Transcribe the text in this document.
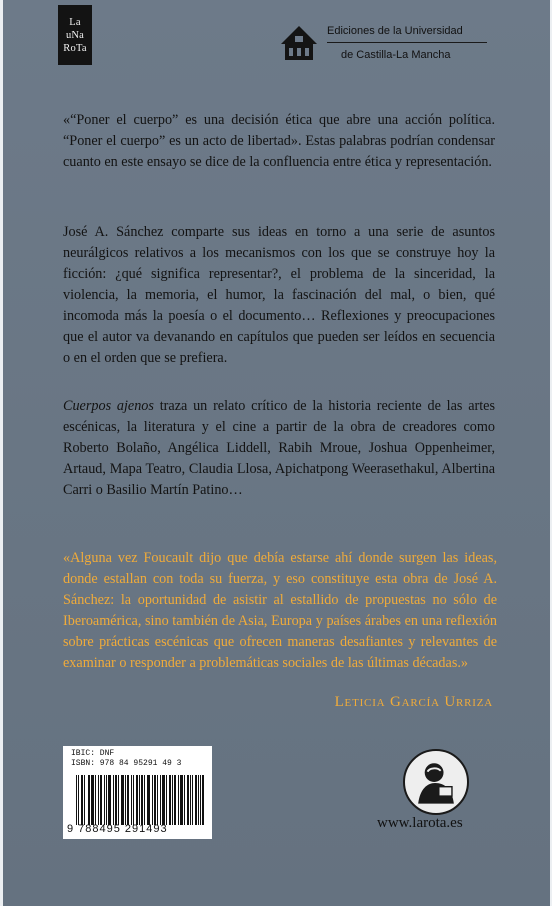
La
uNa
RoTa
Ediciones de la Universidad
de Castilla-La Mancha

«“Poner el cuerpo” es una decisión ética que abre una acción política. “Poner el cuerpo” es un acto de libertad». Estas palabras podrían condensar cuanto en este ensayo se dice de la confluencia entre ética y representación.

José A. Sánchez comparte sus ideas en torno a una serie de asuntos neurálgicos relativos a los mecanismos con los que se construye hoy la ficción: ¿qué significa representar?, el problema de la sinceridad, la violencia, la memoria, el humor, la fascinación del mal, o bien, qué incomoda más la poesía o el documento… Reflexiones y preocupaciones que el autor va devanando en capítulos que pueden ser leídos en secuencia o en el orden que se prefiera.

Cuerpos ajenos traza un relato crítico de la historia reciente de las artes escénicas, la literatura y el cine a partir de la obra de creadores como Roberto Bolaño, Angélica Liddell, Rabih Mroue, Joshua Oppenheimer, Artaud, Mapa Teatro, Claudia Llosa, Apichatpong Weerasethakul, Albertina Carri o Basilio Martín Patino…

«Alguna vez Foucault dijo que debía estarse ahí donde surgen las ideas, donde estallan con toda su fuerza, y eso constituye esta obra de José A. Sánchez: la oportunidad de asistir al estallido de propuestas no sólo de Iberoamérica, sino también de Asia, Europa y países árabes en una reflexión sobre prácticas escénicas que ofrecen maneras desafiantes y relevantes de examinar o responder a problemáticas sociales de las últimas décadas.»

Leticia García Urriza
IBIC: DNF
ISBN: 978 84 95291 49 3
9 788495 291493	www.larota.es
